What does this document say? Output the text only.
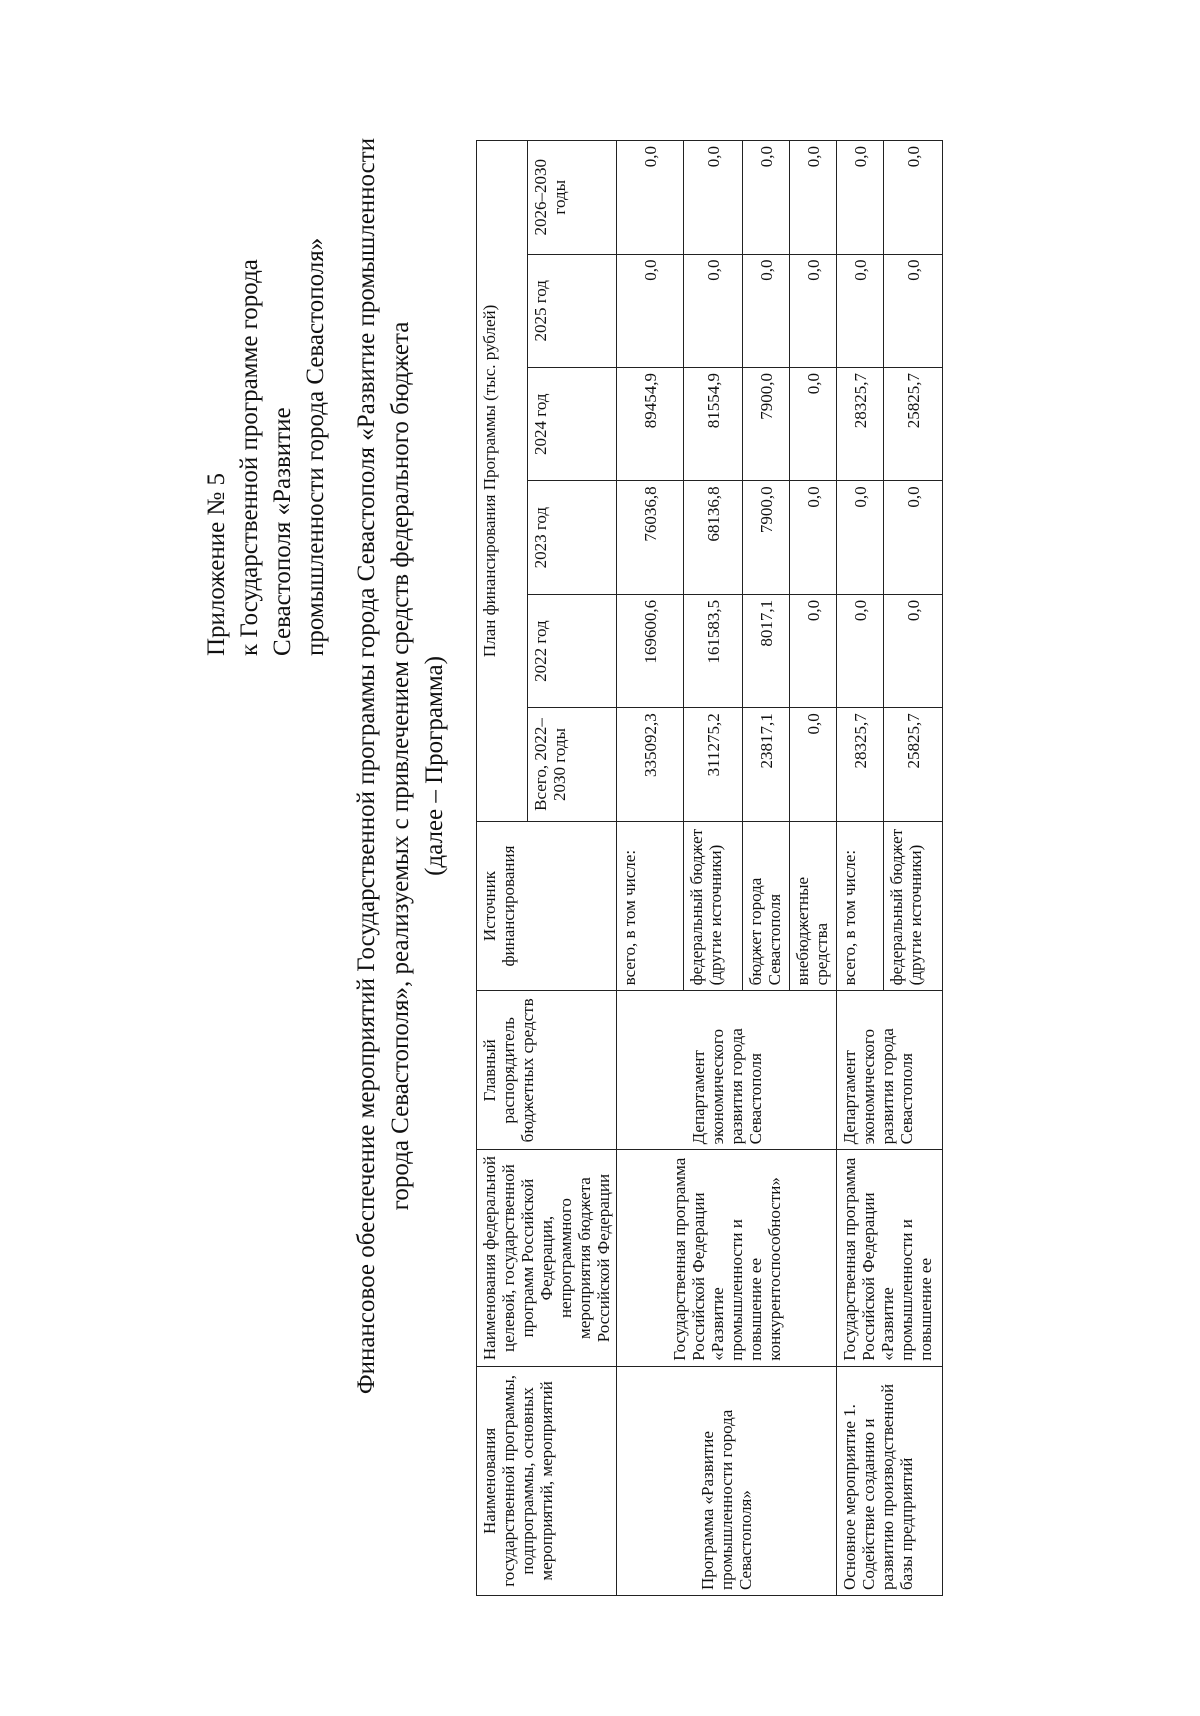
Приложение № 5 к Государственной программе города Севастополя «Развитие промышленности города Севастополя» Финансовое обеспечение мероприятий Государственной программы города Севастополя «Развитие промышленности города Севастополя», реализуемых с привлечением средств федерального бюджета (далее – Программа)
Наименования государственной программы, подпрограммы, основных мероприятий, мероприятий	Наименования федеральной целевой, государственной программ Российской Федерации, непрограммного мероприятия бюджета Российской Федерации	Главный распорядитель бюджетных средств	Источник финансирования	План финансирования Программы (тыс. рублей)					
				Всего, 2022–2030 годы	2022 год	2023 год	2024 год	2025 год	2026–2030 годы
Программа «Развитие промышленности города Севастополя»	Государственная программа Российской Федерации «Развитие промышленности и повышение ее конкурентоспособности»	Департамент экономического развития города Севастополя	всего, в том числе:	335092,3	169600,6	76036,8	89454,9	0,0	0,0
			федеральный бюджет (другие источники)	311275,2	161583,5	68136,8	81554,9	0,0	0,0
			бюджет города Севастополя	23817,1	8017,1	7900,0	7900,0	0,0	0,0
			внебюджетные средства	0,0	0,0	0,0	0,0	0,0	0,0
Основное мероприятие 1. Содействие созданию и развитию производственной базы предприятий	Государственная программа Российской Федерации «Развитие промышленности и повышение ее	Департамент экономического развития города Севастополя	всего, в том числе:	28325,7	0,0	0,0	28325,7	0,0	0,0
			федеральный бюджет (другие источники)	25825,7	0,0	0,0	25825,7	0,0	0,0
